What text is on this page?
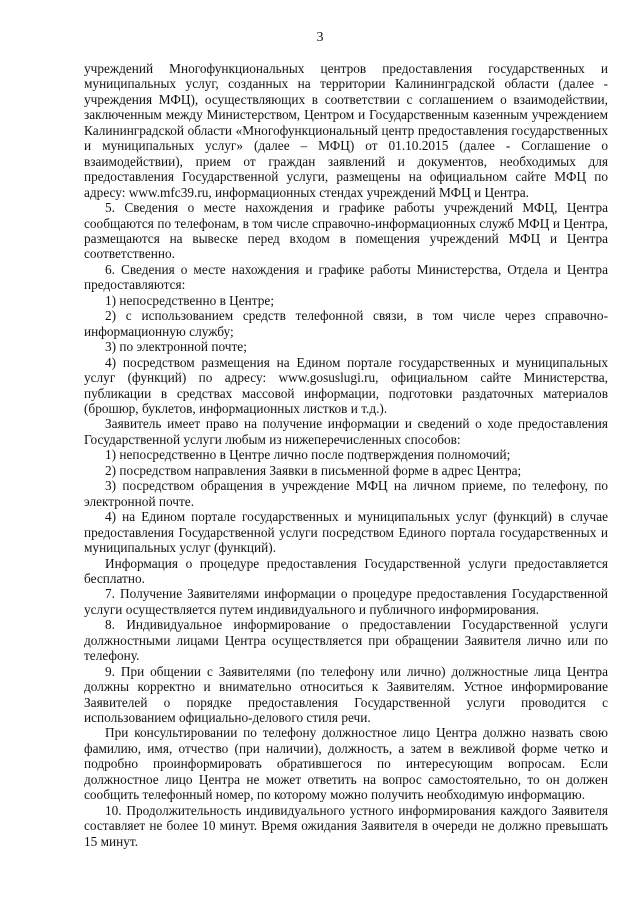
3

учреждений Многофункциональных центров предоставления государственных и муниципальных услуг, созданных на территории Калининградской области (далее - учреждения МФЦ), осуществляющих в соответствии с соглашением о взаимодействии, заключенным между Министерством, Центром и Государственным казенным учреждением Калининградской области «Многофункциональный центр предоставления государственных и муниципальных услуг» (далее – МФЦ) от 01.10.2015 (далее - Соглашение о взаимодействии), прием от граждан заявлений и документов, необходимых для предоставления Государственной услуги, размещены на официальном сайте МФЦ по адресу: www.mfc39.ru, информационных стендах учреждений МФЦ и Центра.

5. Сведения о месте нахождения и графике работы учреждений МФЦ, Центра сообщаются по телефонам, в том числе справочно-информационных служб МФЦ и Центра, размещаются на вывеске перед входом в помещения учреждений МФЦ и Центра соответственно.

6. Сведения о месте нахождения и графике работы Министерства, Отдела и Центра предоставляются:

1) непосредственно в Центре;

2) с использованием средств телефонной связи, в том числе через справочно-информационную службу;

3) по электронной почте;

4) посредством размещения на Едином портале государственных и муниципальных услуг (функций) по адресу: www.gosuslugi.ru, официальном сайте Министерства, публикации в средствах массовой информации, подготовки раздаточных материалов (брошюр, буклетов, информационных листков и т.д.).

Заявитель имеет право на получение информации и сведений о ходе предоставления Государственной услуги любым из нижеперечисленных способов:

1) непосредственно в Центре лично после подтверждения полномочий;

2) посредством направления Заявки в письменной форме в адрес Центра;

3) посредством обращения в учреждение МФЦ на личном приеме, по телефону, по электронной почте.

4) на Едином портале государственных и муниципальных услуг (функций) в случае предоставления Государственной услуги посредством Единого портала государственных и муниципальных услуг (функций).

Информация о процедуре предоставления Государственной услуги предоставляется бесплатно.

7. Получение Заявителями информации о процедуре предоставления Государственной услуги осуществляется путем индивидуального и публичного информирования.

8. Индивидуальное информирование о предоставлении Государственной услуги должностными лицами Центра осуществляется при обращении Заявителя лично или по телефону.

9. При общении с Заявителями (по телефону или лично) должностные лица Центра должны корректно и внимательно относиться к Заявителям. Устное информирование Заявителей о порядке предоставления Государственной услуги проводится с использованием официально-делового стиля речи.

При консультировании по телефону должностное лицо Центра должно назвать свою фамилию, имя, отчество (при наличии), должность, а затем в вежливой форме четко и подробно проинформировать обратившегося по интересующим вопросам. Если должностное лицо Центра не может ответить на вопрос самостоятельно, то он должен сообщить телефонный номер, по которому можно получить необходимую информацию.

10. Продолжительность индивидуального устного информирования каждого Заявителя составляет не более 10 минут. Время ожидания Заявителя в очереди не должно превышать 15 минут.
